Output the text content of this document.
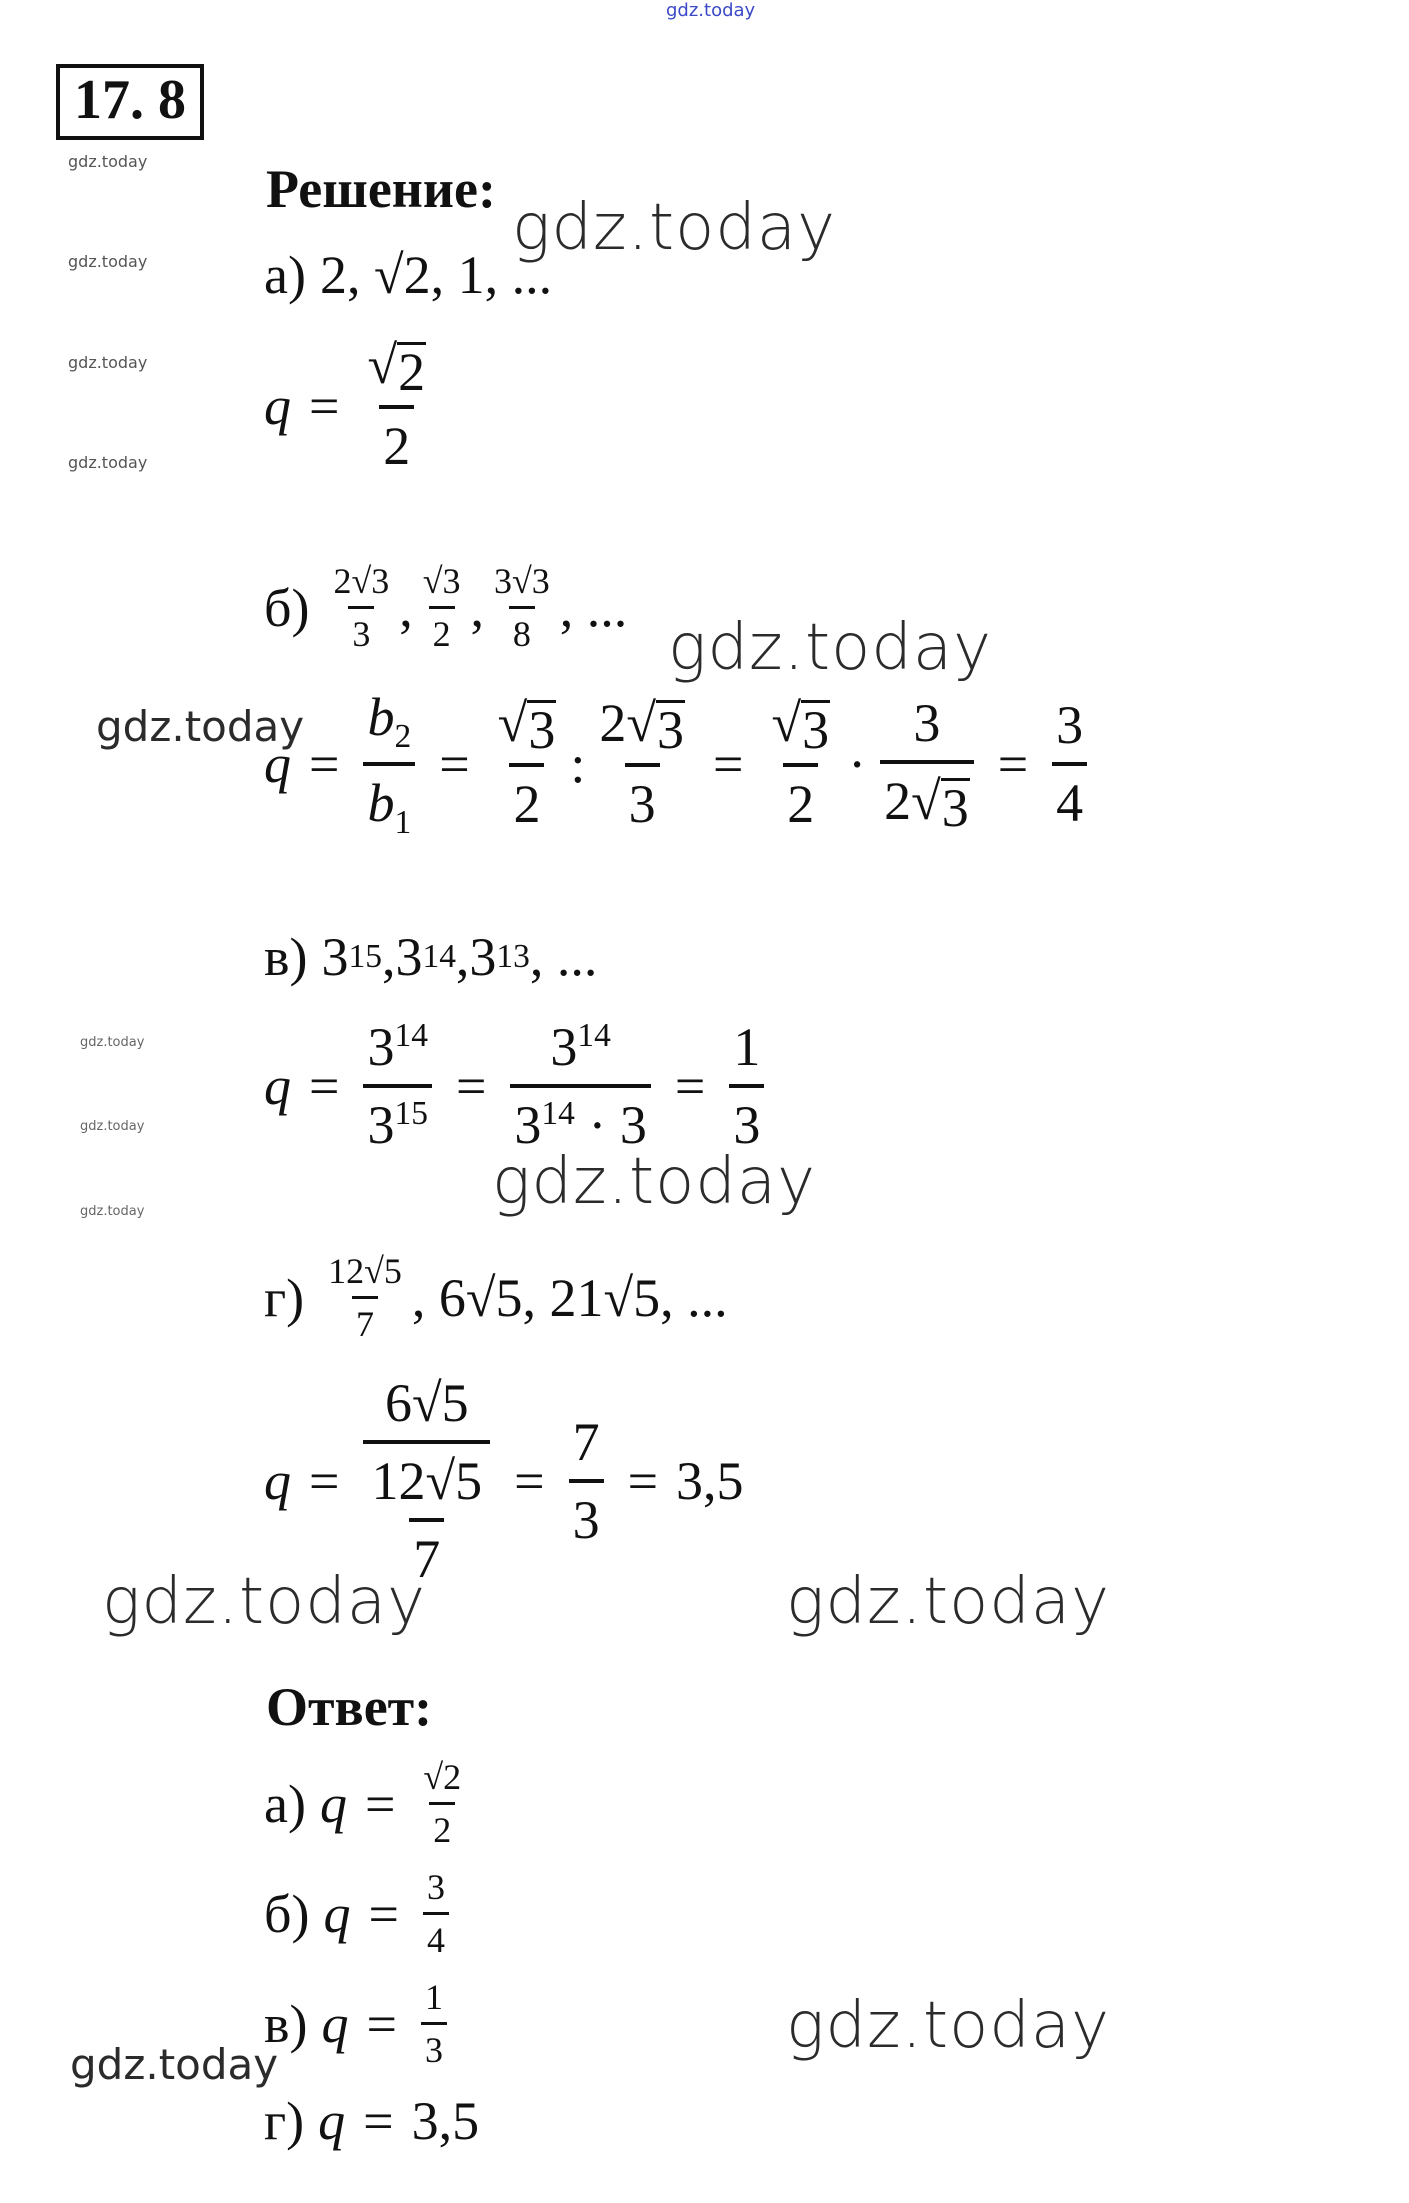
gdz.today
gdz.today
gdz.today
gdz.today
gdz.today
gdz.today
gdz.today
gdz.today
gdz.today
gdz.today
gdz.today	gdz.today
gdz.today	gdz.today
gdz.today
gdz.today
17. 8
Решение:
а) 2, √2, 1, ...
$q = \frac{√ 2}{2}$
$б) \frac{2√3}{3}$ , $\frac{√3}{2}$ , $\frac{3√3}{8}$ , ...
$q = \frac{b_2}{b_1} = \frac{√ 3}{2}$ : $\frac{2 √ 3}{3} = \frac{√ 3}{2} \cdot \frac{3}{2 √ 3} = \frac{3}{4}$
в) 3 15 , 3 14 , 3 13 , ...
$q = \frac{3^{14}}{3^{15}} = \frac{3^{14}}{3^{14} \cdot 3} = \frac{1}{3}$
$г) \frac{12√5}{7}$ , 6√5, 21√5, ...
$q = \frac{6√5}{\frac{12√5}{7}} = \frac{7}{3} = 3,5$
Ответ:
а) $q = \frac{√2}{2}$
б) $q = \frac{3}{4}$
в) $q = \frac{1}{3}$
г) q = 3,5
